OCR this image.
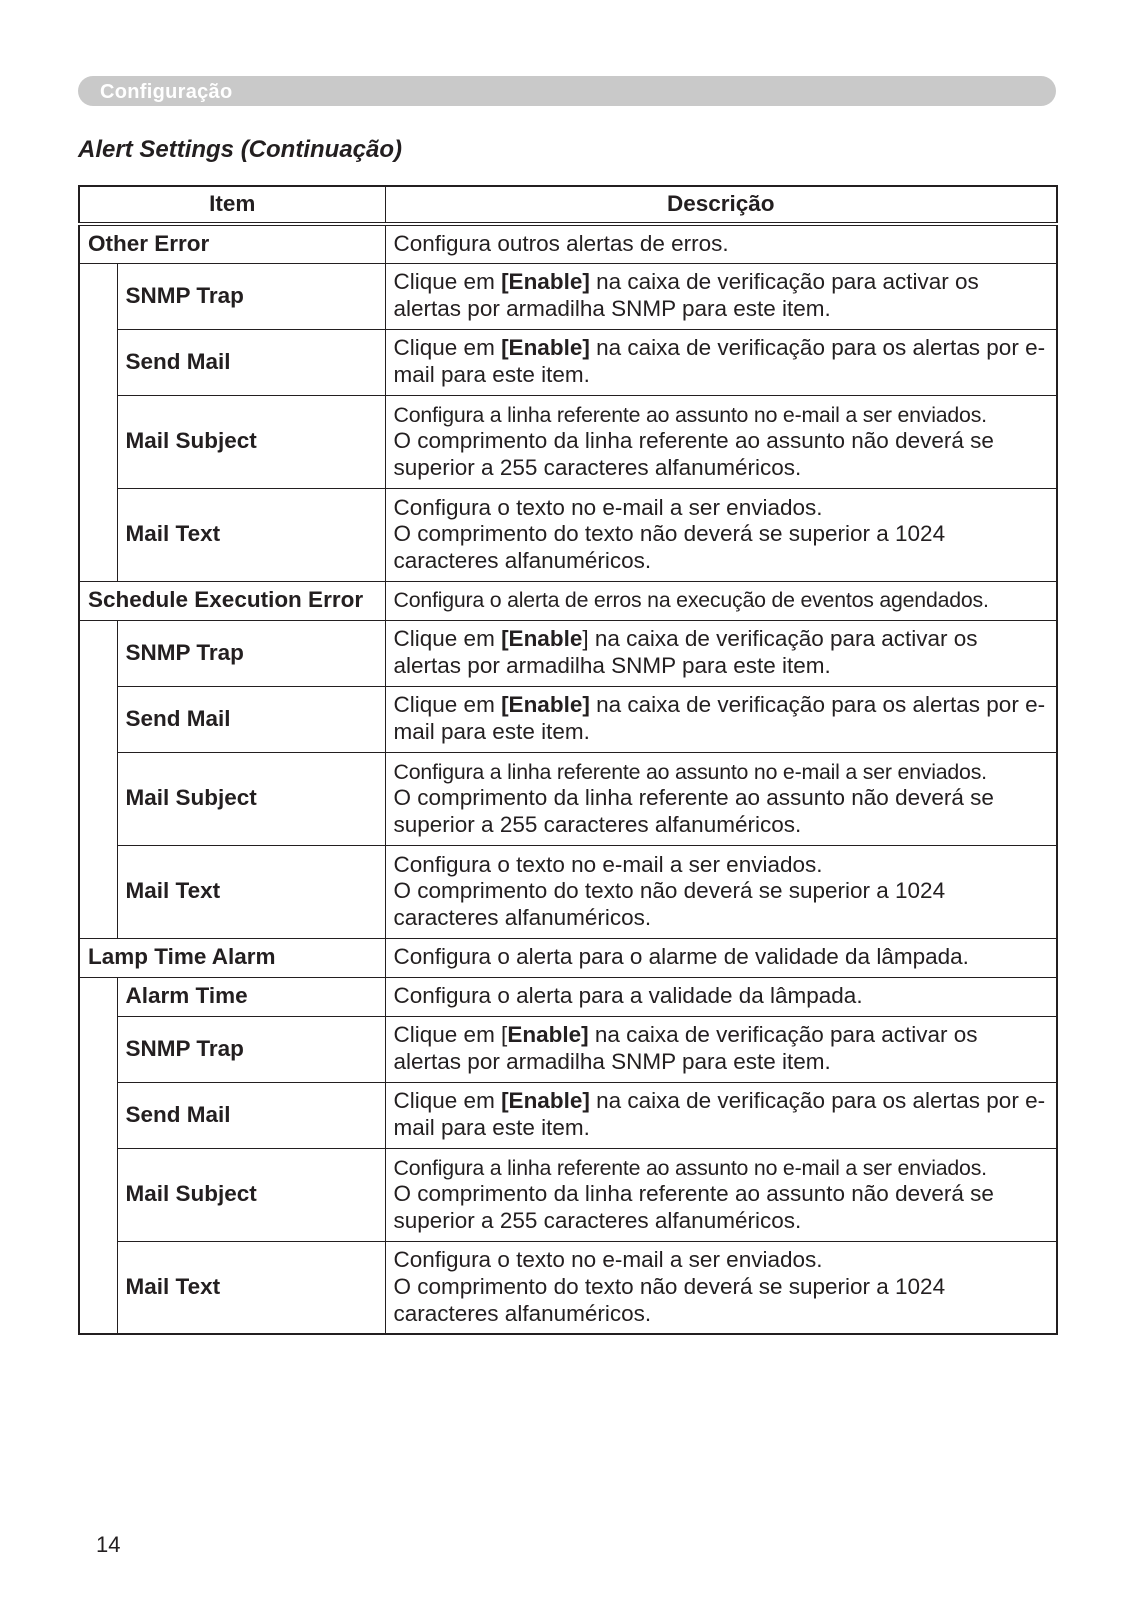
Configuração
Alert Settings (Continuação)
Item		Descrição
Other Error		Configura outros alertas de erros.
	SNMP Trap	Clique em [Enable] na caixa de verificação para activar os alertas por armadilha SNMP para este item.
	Send Mail	Clique em [Enable] na caixa de verificação para os alertas por e-mail para este item.
	Mail Subject	Configura a linha referente ao assunto no e-mail a ser enviados.
O comprimento da linha referente ao assunto não deverá se superior a 255 caracteres alfanuméricos.

	Mail Text	Configura o texto no e-mail a ser enviados.
O comprimento do texto não deverá se superior a 1024 caracteres alfanuméricos.

Schedule Execution Error		Configura o alerta de erros na execução de eventos agendados.
	SNMP Trap	Clique em [Enable] na caixa de verificação para activar os alertas por armadilha SNMP para este item.
	Send Mail	Clique em [Enable] na caixa de verificação para os alertas por e-mail para este item.
	Mail Subject	Configura a linha referente ao assunto no e-mail a ser enviados.
O comprimento da linha referente ao assunto não deverá se superior a 255 caracteres alfanuméricos.

	Mail Text	Configura o texto no e-mail a ser enviados.
O comprimento do texto não deverá se superior a 1024 caracteres alfanuméricos.

Lamp Time Alarm		Configura o alerta para o alarme de validade da lâmpada.
	Alarm Time	Configura o alerta para a validade da lâmpada.
	SNMP Trap	Clique em [Enable] na caixa de verificação para activar os alertas por armadilha SNMP para este item.
	Send Mail	Clique em [Enable] na caixa de verificação para os alertas por e-mail para este item.
	Mail Subject	Configura a linha referente ao assunto no e-mail a ser enviados.
O comprimento da linha referente ao assunto não deverá se superior a 255 caracteres alfanuméricos.

	Mail Text	Configura o texto no e-mail a ser enviados.
O comprimento do texto não deverá se superior a 1024 caracteres alfanuméricos.
14
